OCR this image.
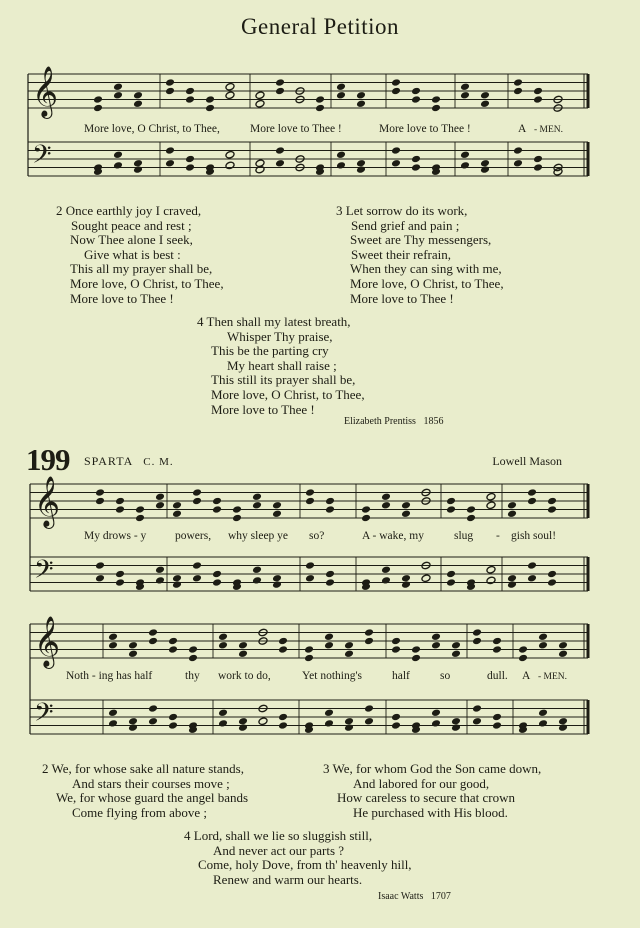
General Petition
𝄞
𝄢
𝄞
𝄢
𝄞
𝄢
More love, O Christ, to Thee,	More love to Thee !	A - MEN.
More love to Thee !
2 Once earthly joy I craved,
Sought peace and rest ;
Now Thee alone I seek,
Give what is best :
This all my prayer shall be,
More love, O Christ, to Thee,
More love to Thee !
3 Let sorrow do its work,
Send grief and pain ;
Sweet are Thy messengers,
Sweet their refrain,
When they can sing with me,
More love, O Christ, to Thee,
More love to Thee !
4 Then shall my latest breath,
Whisper Thy praise,
This be the parting cry
My heart shall raise ;
This still its prayer shall be,
More love, O Christ, to Thee,
More love to Thee !
Elizabeth Prentiss 1856
199 SPARTA C. M.	Lowell Mason
My drows - y powers, why sleep ye so?	A - wake, my	slug - gish soul!
Noth - ing has half	thy work to do,	Yet nothing's	half	so	dull. A - MEN.
2 We, for whose sake all nature stands,
And stars their courses move ;
We, for whose guard the angel bands
Come flying from above ;
3 We, for whom God the Son came down,
And labored for our good,
How careless to secure that crown
He purchased with His blood.
4 Lord, shall we lie so sluggish still,
And never act our parts ?
Come, holy Dove, from th' heavenly hill,
Renew and warm our hearts.
Isaac Watts 1707
